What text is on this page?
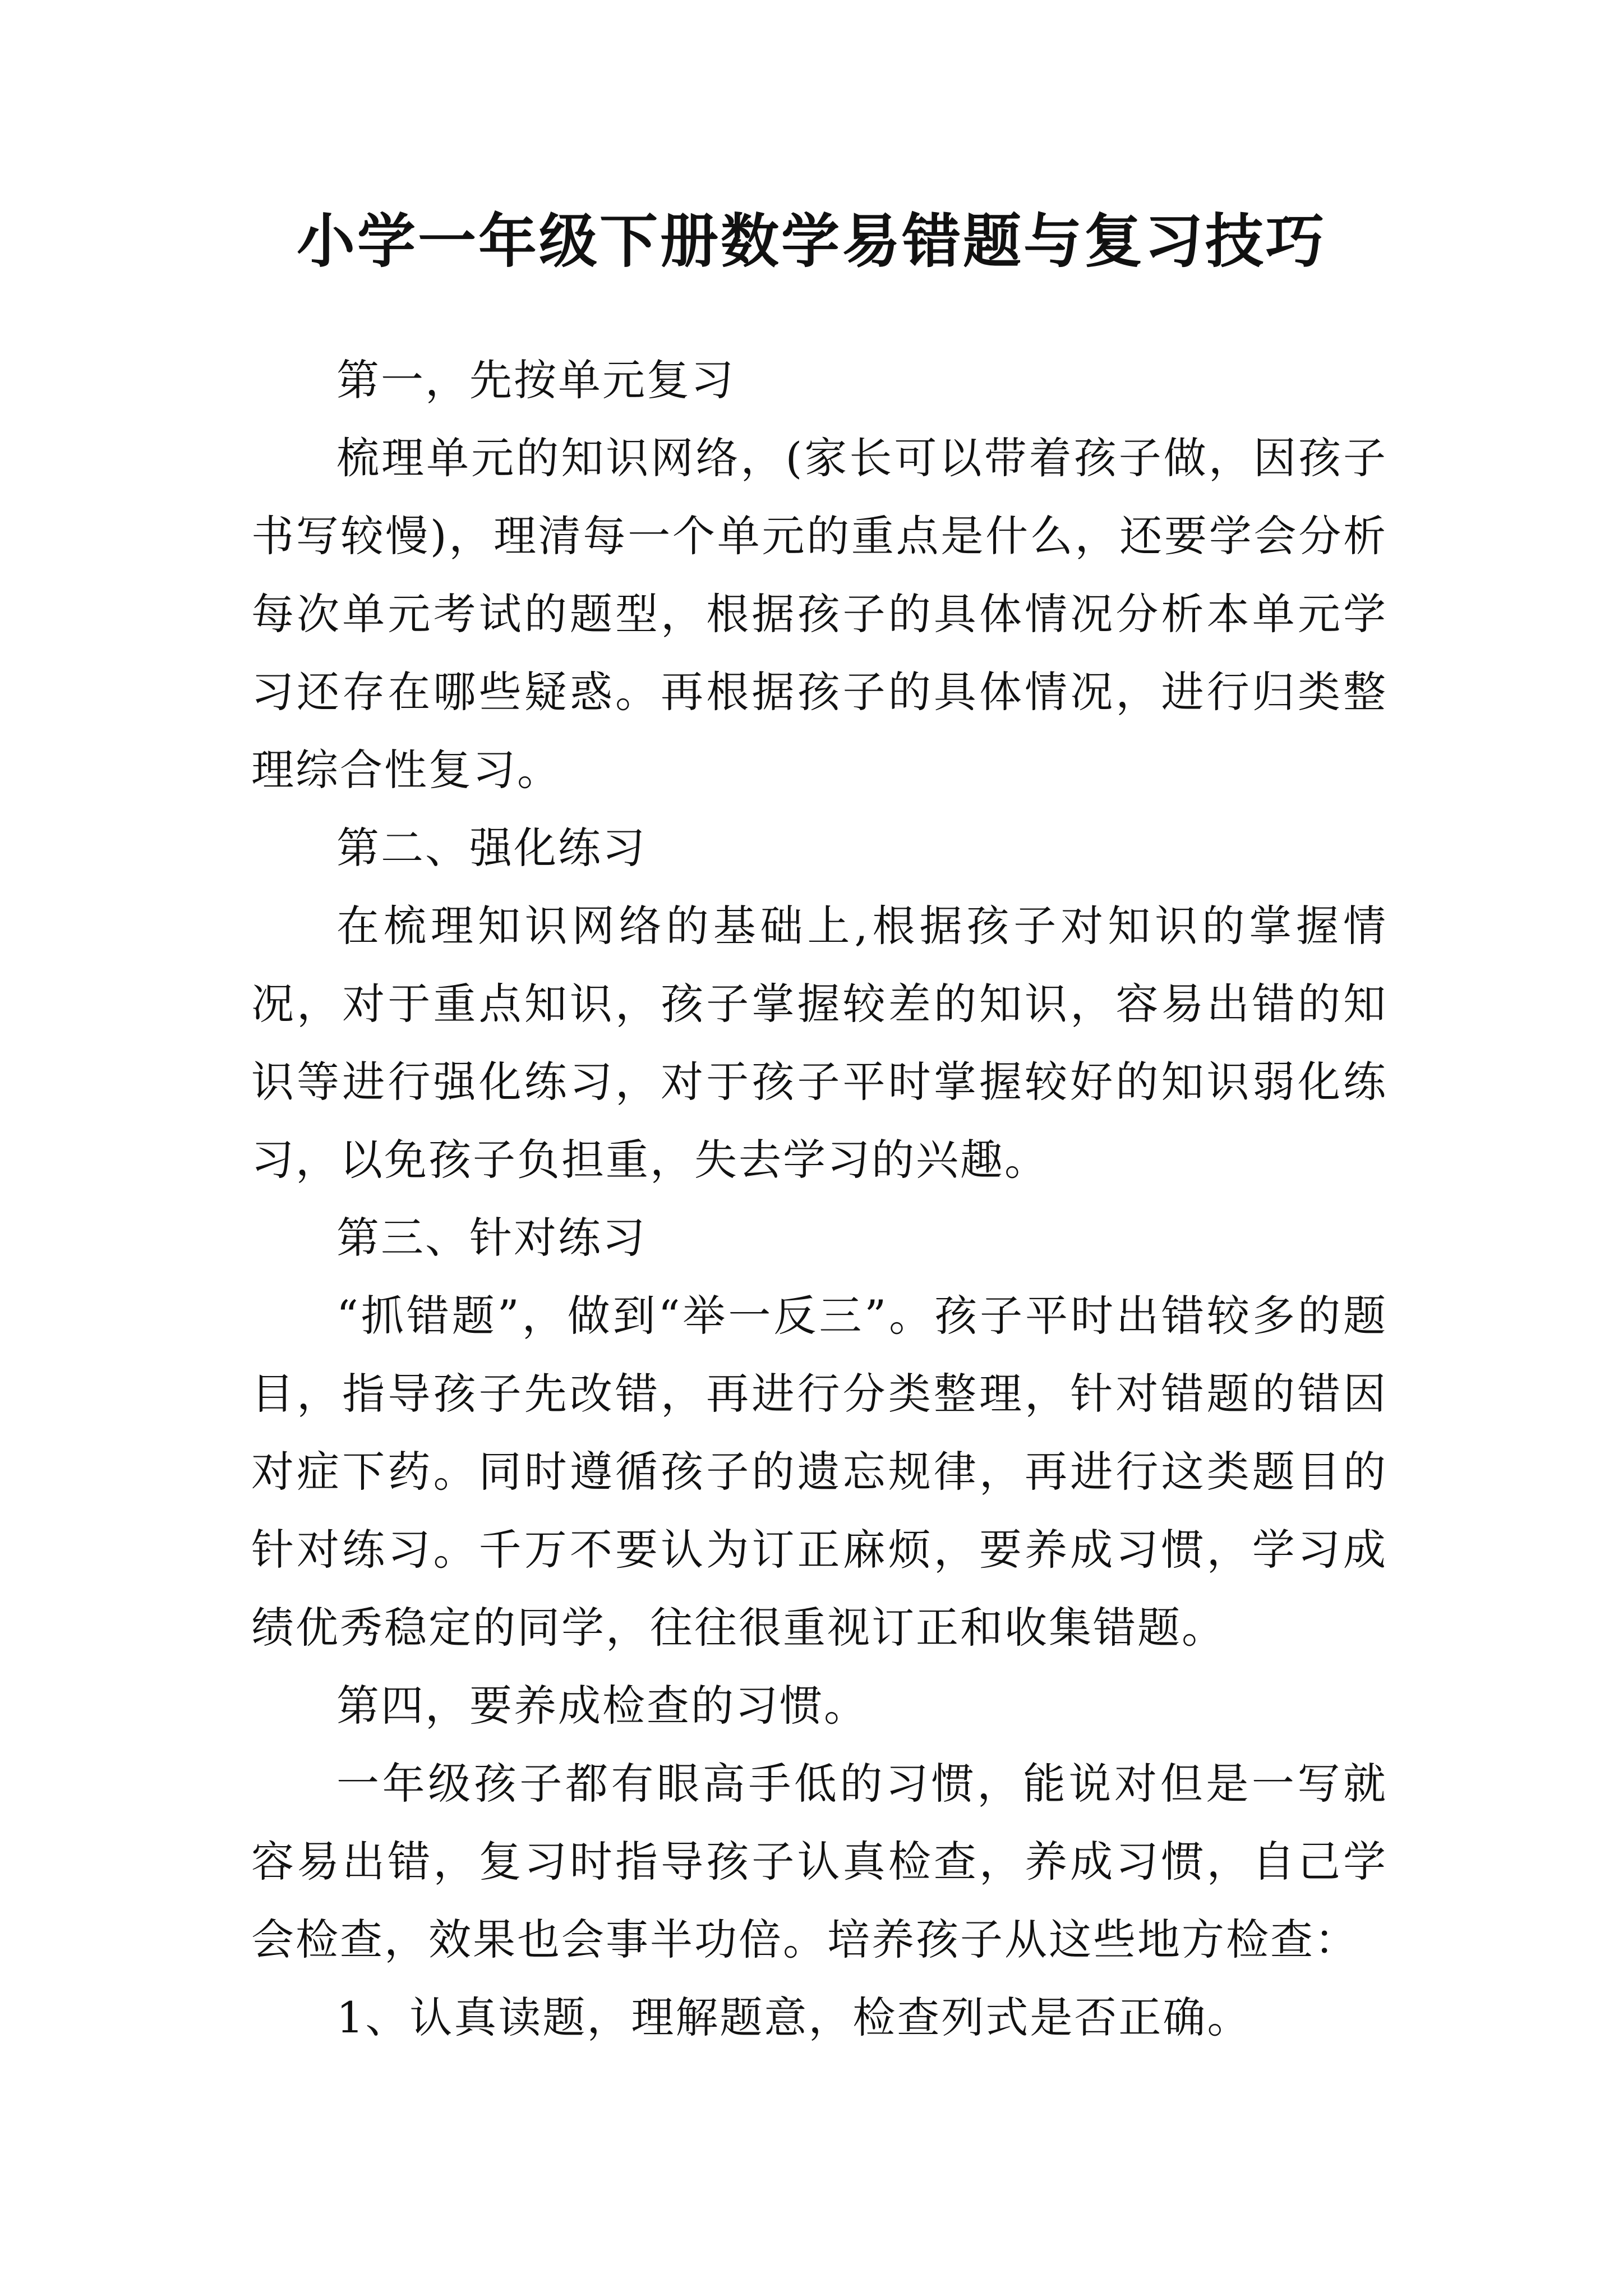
小学一年级下册数学易错题与复习技巧

第一，先按单元复习

梳理单元的知识网络，(家长可以带着孩子做，因孩子书写较慢)，理清每一个单元的重点是什么，还要学会分析每次单元考试的题型，根据孩子的具体情况分析本单元学习还存在哪些疑惑。再根据孩子的具体情况，进行归类整理综合性复习。

第二、强化练习

在梳理知识网络的基础上,根据孩子对知识的掌握情况，对于重点知识，孩子掌握较差的知识，容易出错的知识等进行强化练习，对于孩子平时掌握较好的知识弱化练习，以免孩子负担重，失去学习的兴趣。

第三、针对练习

“抓错题”，做到“举一反三”。孩子平时出错较多的题目，指导孩子先改错，再进行分类整理，针对错题的错因对症下药。同时遵循孩子的遗忘规律，再进行这类题目的针对练习。千万不要认为订正麻烦，要养成习惯，学习成绩优秀稳定的同学，往往很重视订正和收集错题。

第四，要养成检查的习惯。

一年级孩子都有眼高手低的习惯，能说对但是一写就容易出错，复习时指导孩子认真检查，养成习惯，自己学会检查，效果也会事半功倍。培养孩子从这些地方检查：

1、认真读题，理解题意，检查列式是否正确。
